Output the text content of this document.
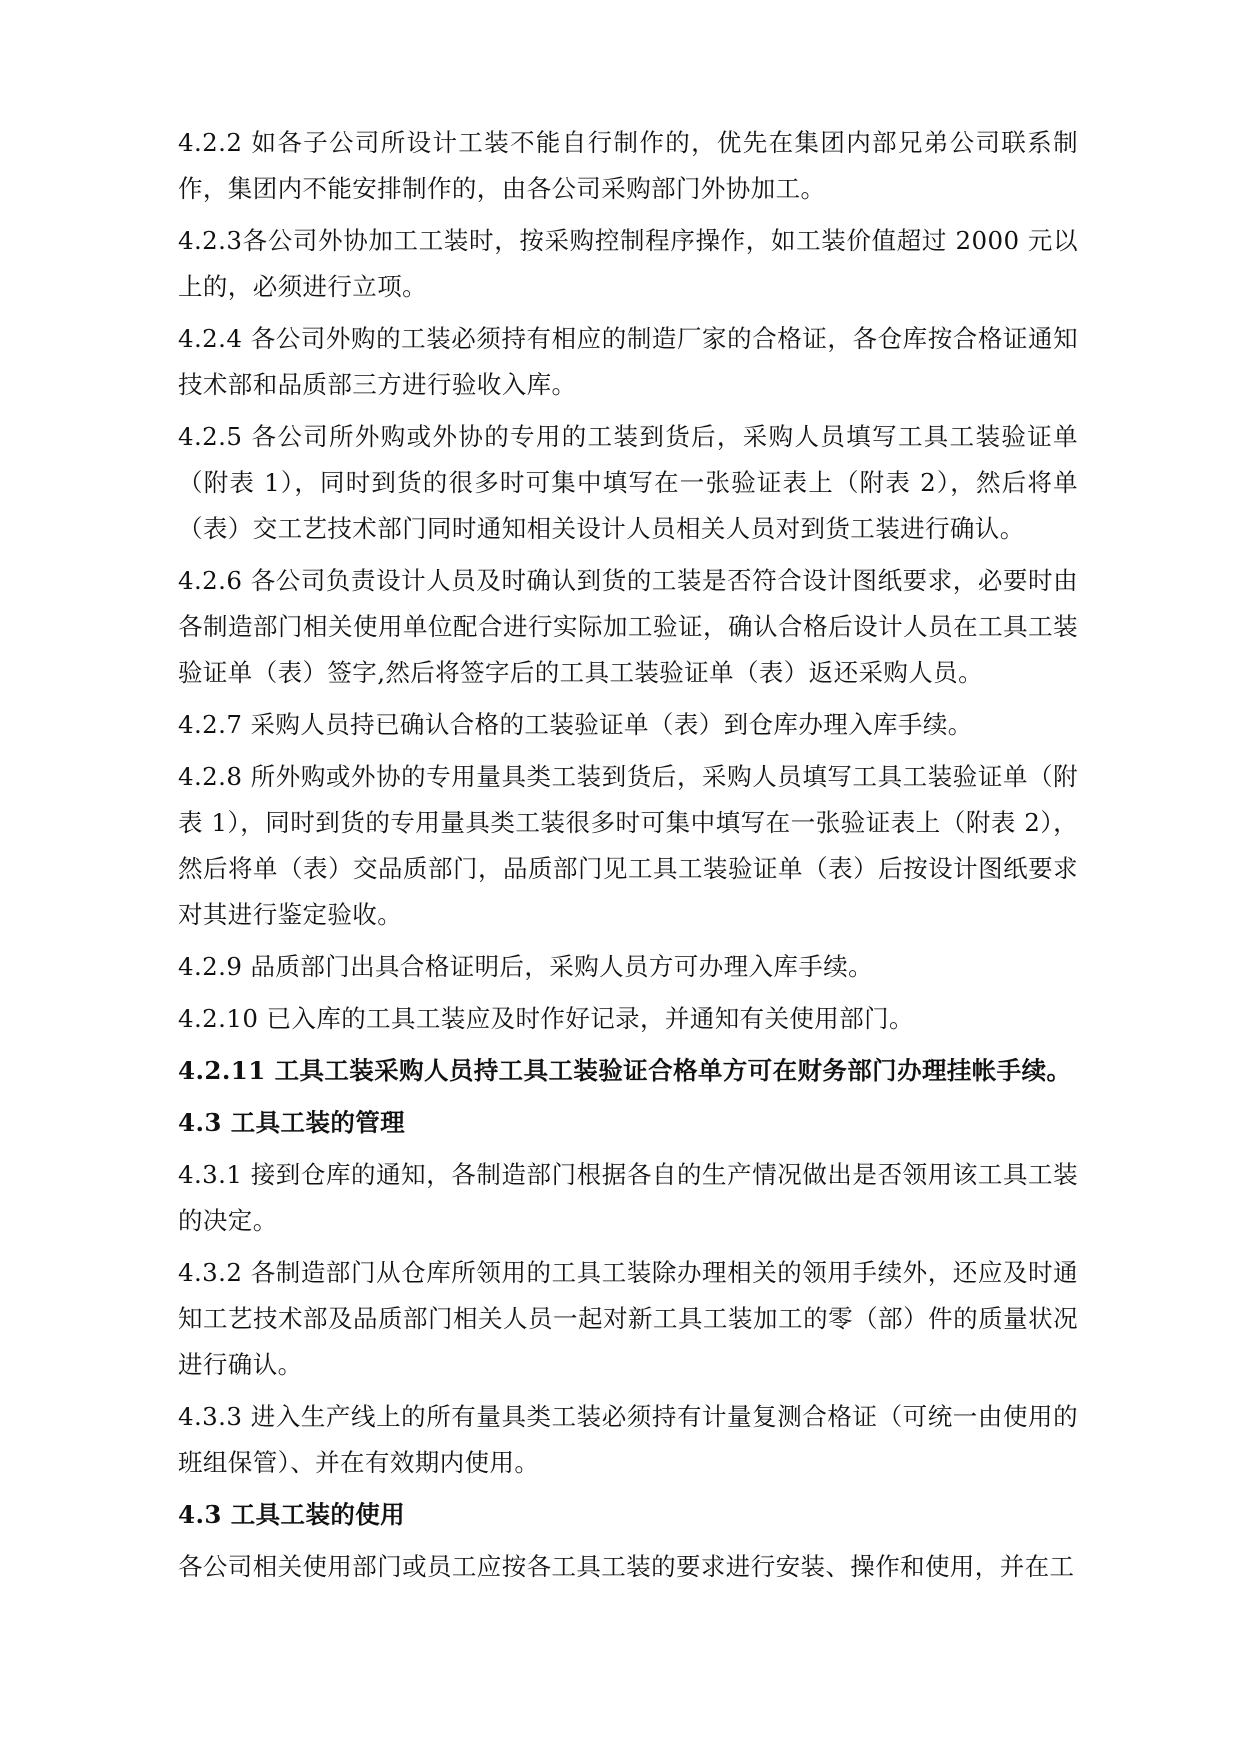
4.2.2 如各子公司所设计工装不能自行制作的，优先在集团内部兄弟公司联系制作，集团内不能安排制作的，由各公司采购部门外协加工。

4.2.3各公司外协加工工装时，按采购控制程序操作，如工装价值超过 2000 元以上的，必须进行立项。

4.2.4 各公司外购的工装必须持有相应的制造厂家的合格证，各仓库按合格证通知技术部和品质部三方进行验收入库。

4.2.5 各公司所外购或外协的专用的工装到货后，采购人员填写工具工装验证单（附表 1），同时到货的很多时可集中填写在一张验证表上（附表 2），然后将单（表）交工艺技术部门同时通知相关设计人员相关人员对到货工装进行确认。

4.2.6 各公司负责设计人员及时确认到货的工装是否符合设计图纸要求，必要时由各制造部门相关使用单位配合进行实际加工验证，确认合格后设计人员在工具工装验证单（表）签字,然后将签字后的工具工装验证单（表）返还采购人员。

4.2.7 采购人员持已确认合格的工装验证单（表）到仓库办理入库手续。

4.2.8 所外购或外协的专用量具类工装到货后，采购人员填写工具工装验证单（附表 1），同时到货的专用量具类工装很多时可集中填写在一张验证表上（附表 2），然后将单（表）交品质部门，品质部门见工具工装验证单（表）后按设计图纸要求对其进行鉴定验收。

4.2.9 品质部门出具合格证明后，采购人员方可办理入库手续。

4.2.10 已入库的工具工装应及时作好记录，并通知有关使用部门。

4.2.11 工具工装采购人员持工具工装验证合格单方可在财务部门办理挂帐手续。

4.3 工具工装的管理

4.3.1 接到仓库的通知，各制造部门根据各自的生产情况做出是否领用该工具工装的决定。

4.3.2 各制造部门从仓库所领用的工具工装除办理相关的领用手续外，还应及时通知工艺技术部及品质部门相关人员一起对新工具工装加工的零（部）件的质量状况进行确认。

4.3.3 进入生产线上的所有量具类工装必须持有计量复测合格证（可统一由使用的班组保管）、并在有效期内使用。

4.3 工具工装的使用

各公司相关使用部门或员工应按各工具工装的要求进行安装、操作和使用，并在工
